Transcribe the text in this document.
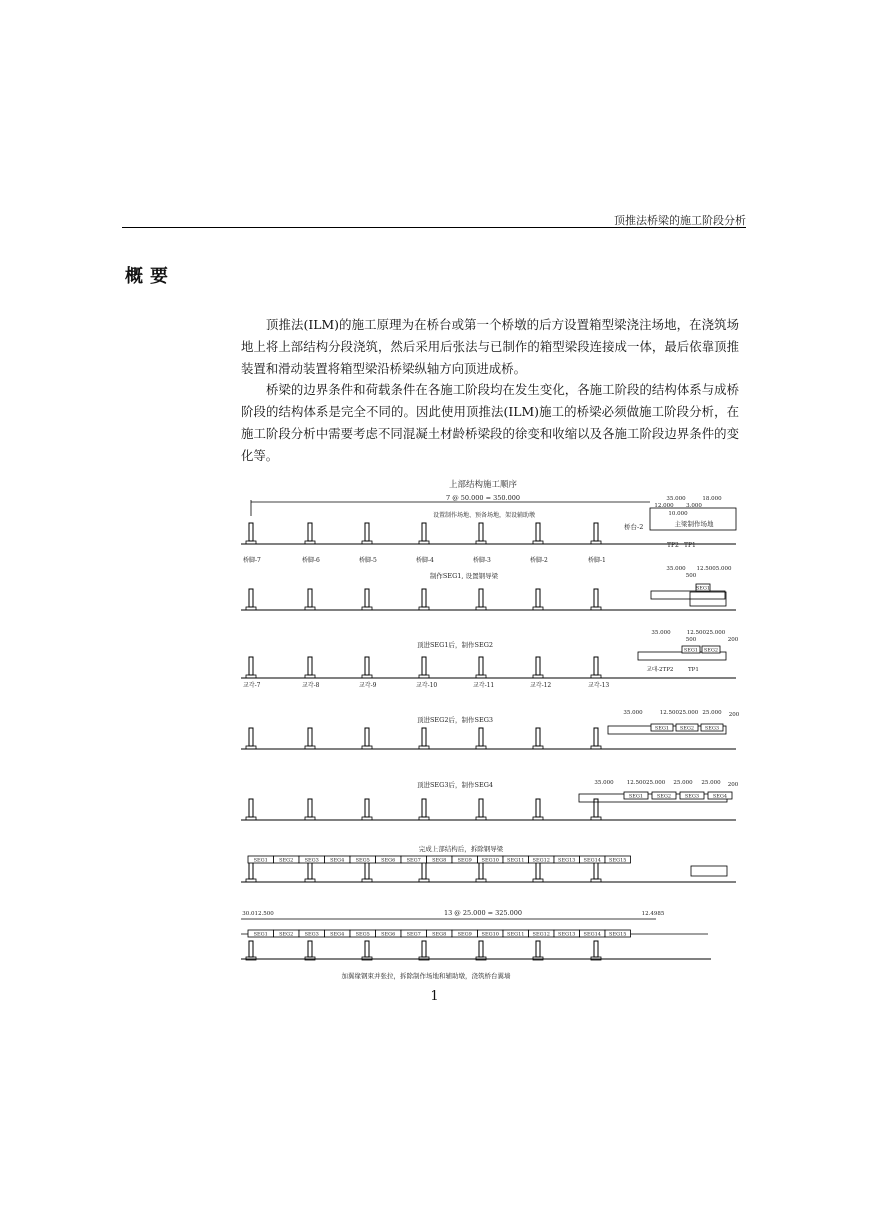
顶推法桥梁的施工阶段分析
概要

顶推法(ILM)的施工原理为在桥台或第一个桥墩的后方设置箱型梁浇注场地，在浇筑场地上将上部结构分段浇筑，然后采用后张法与已制作的箱型梁段连接成一体，最后依靠顶推装置和滑动装置将箱型梁沿桥梁纵轴方向顶进成桥。

桥梁的边界条件和荷载条件在各施工阶段均在发生变化，各施工阶段的结构体系与成桥阶段的结构体系是完全不同的。因此使用顶推法(ILM)施工的桥梁必须做施工阶段分析，在施工阶段分析中需要考虑不同混凝土材龄桥梁段的徐变和收缩以及各施工阶段边界条件的变化等。

上部结构施工顺序
7 @ 50.000 = 350.000
设置制作场地、预备场地，架设辅助墩
桥脚-7	桥脚-6	桥脚-5	桥脚-4	桥脚-3	桥脚-2	桥脚-1
桥台-2	主梁制作场地
35.000	18.000
12.000 3.000
10.000
TP2 TP1
制作SEG1, 设置钢导梁
35.000 12.5005.000
500
SEG1
顶进SEG1后，制作SEG2
교각-7	교각-8	교각-9	교각-10	교각-11	교각-12	교각-13
35.000	12.50025.000
500	200
SEG1 SEG2
교대-2TP2	TP1
顶进SEG2后，制作SEG3
35.000	12.50025.000 25.000 200
SEG1 SEG2 SEG3
顶进SEG3后，制作SEG4	35.000 12.50025.000 25.000 25.000 200
SEG1	SEG2	SEG3	SEG4
完成上部结构后，拆除钢导梁
SEG1 SEG2 SEG3 SEG4 SEG5 SEG6 SEG7 SEG8 SEG9 SEG10 SEG11 SEG12 SEG13 SEG14 SEG15
13 @ 25.000 = 325.000
30.012.500	12.4985
SEG1 SEG2 SEG3 SEG4 SEG5 SEG6 SEG7 SEG8 SEG9 SEG10 SEG11 SEG12 SEG13 SEG14 SEG15
加翼缘钢束并张拉，拆除制作场地和辅助墩，浇筑桥台翼墙
1
